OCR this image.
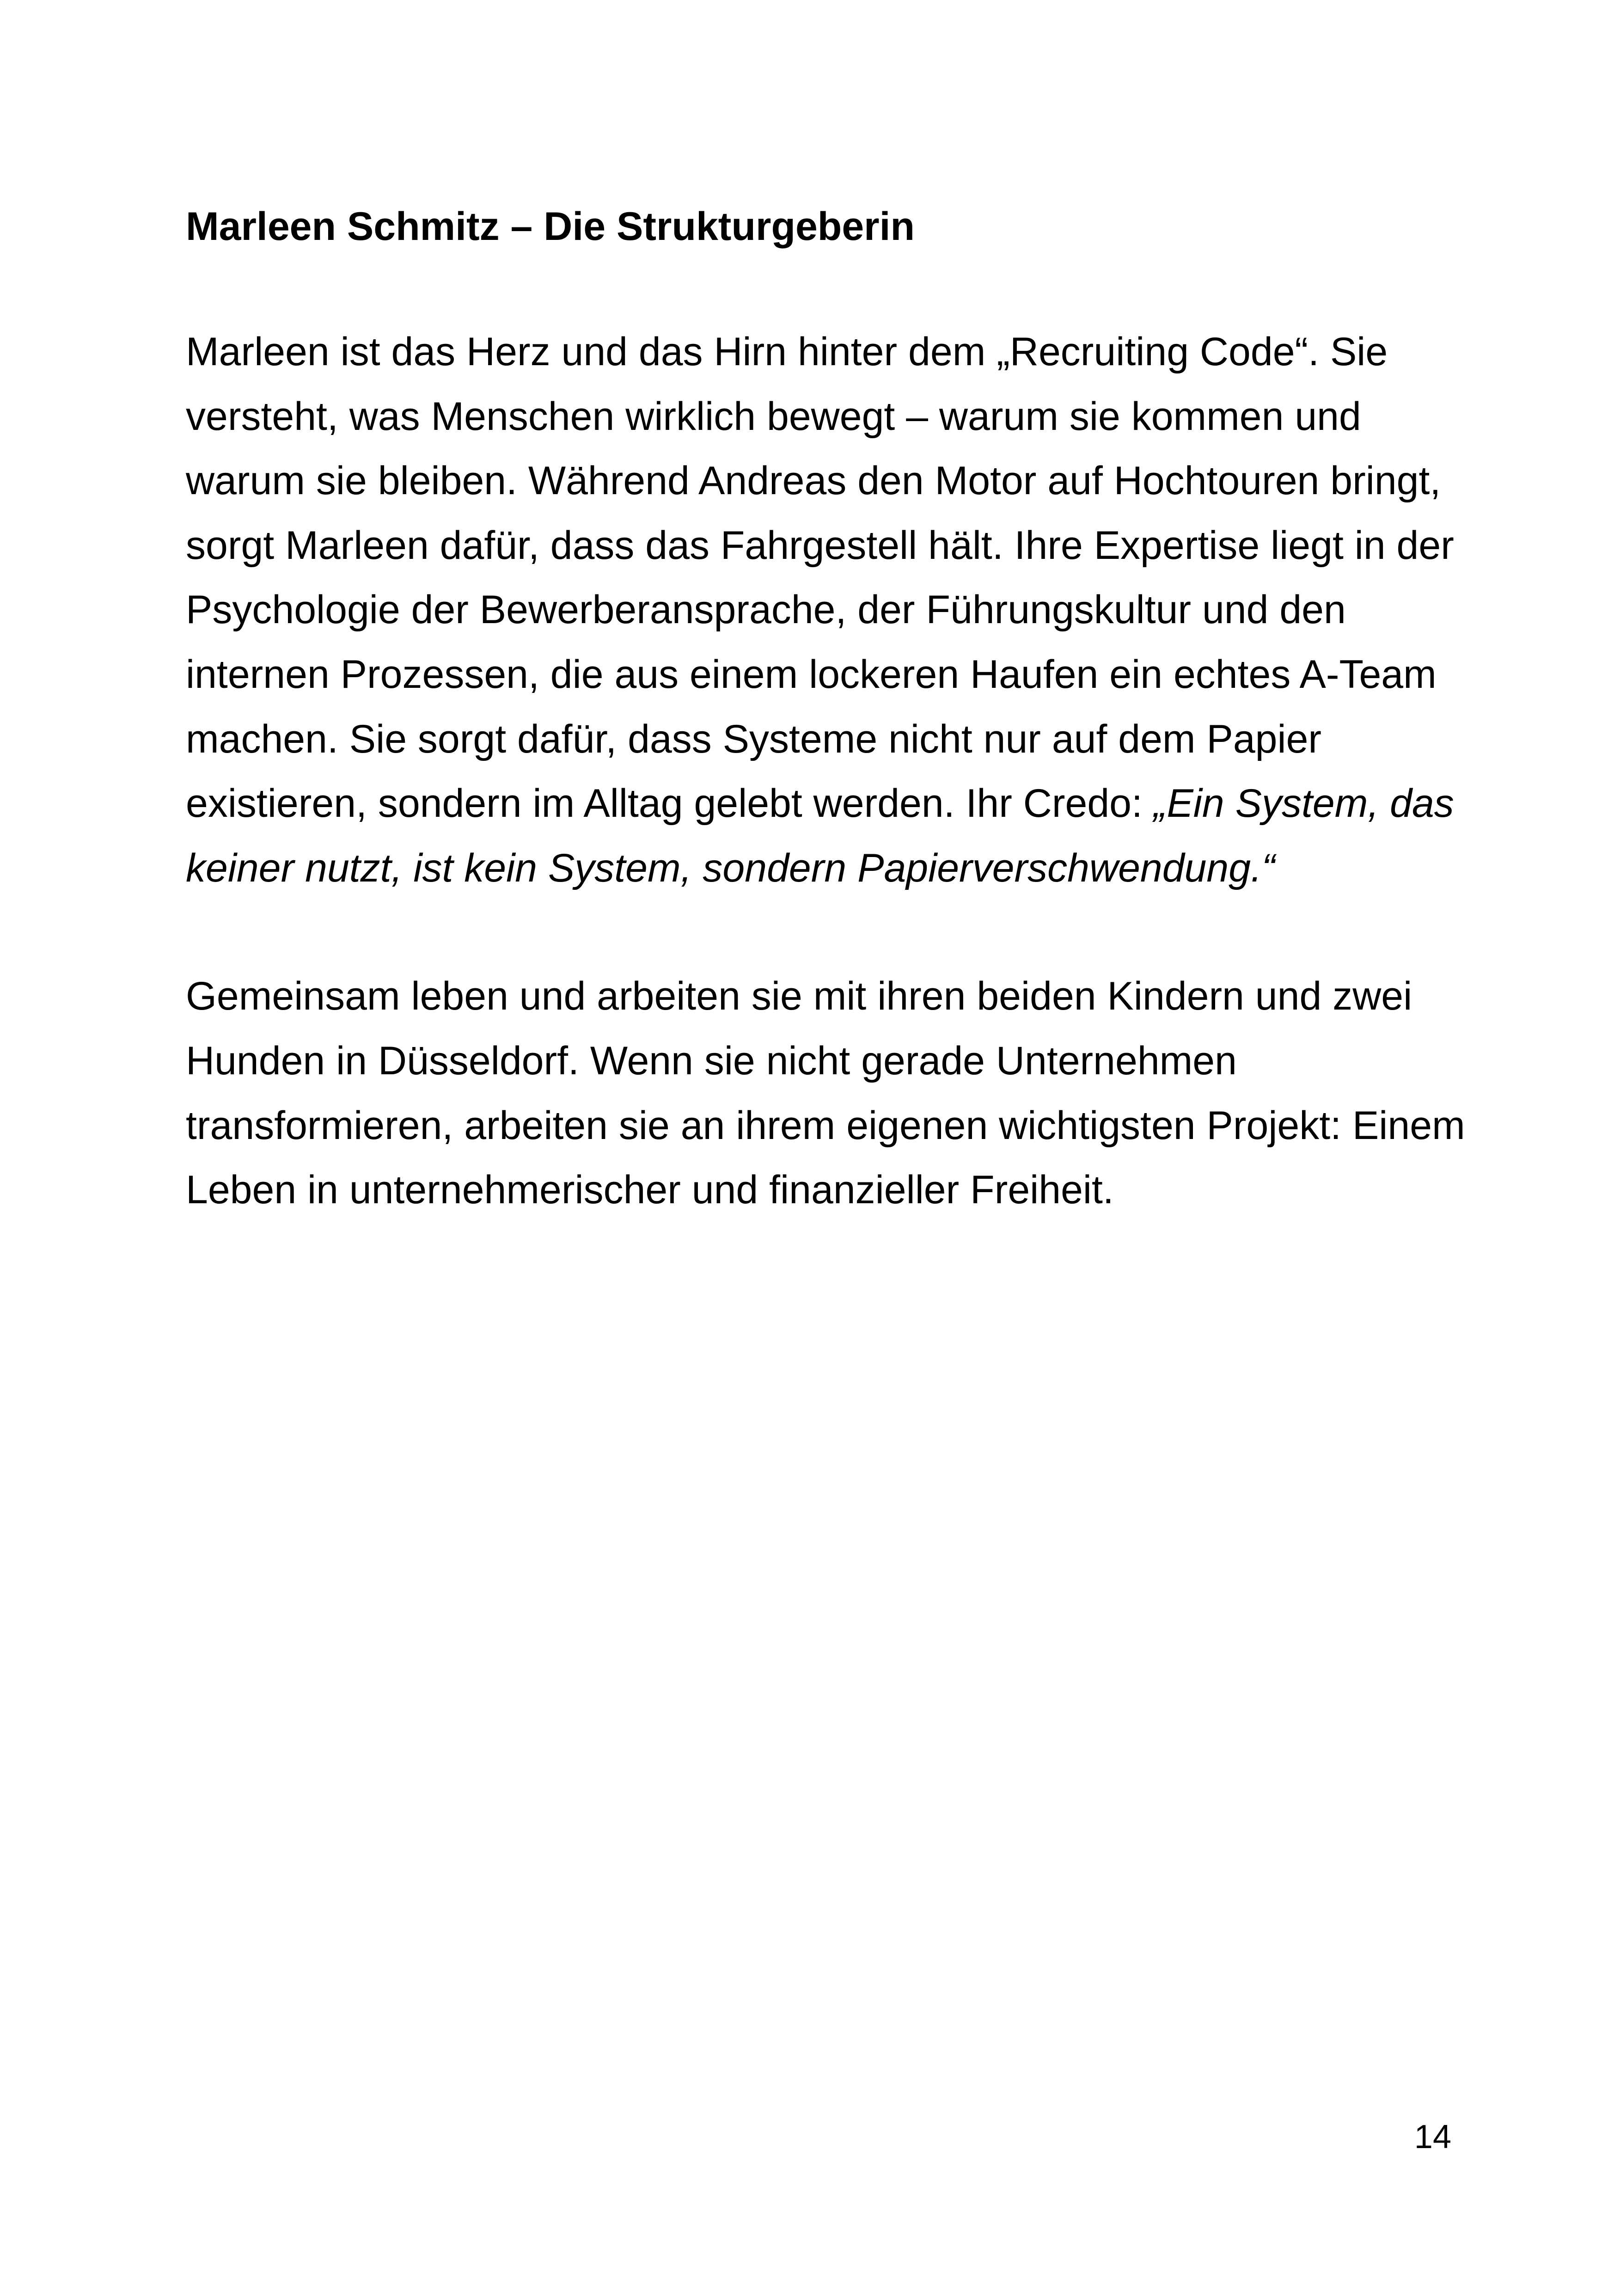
Marleen Schmitz – Die Strukturgeberin

Marleen ist das Herz und das Hirn hinter dem „Recruiting Code“. Sie versteht, was Menschen wirklich bewegt – warum sie kommen und warum sie bleiben. Während Andreas den Motor auf Hochtouren bringt, sorgt Marleen dafür, dass das Fahrgestell hält. Ihre Expertise liegt in der Psychologie der Bewerberansprache, der Führungskultur und den internen Prozessen, die aus einem lockeren Haufen ein echtes A-Team machen. Sie sorgt dafür, dass Systeme nicht nur auf dem Papier existieren, sondern im Alltag gelebt werden. Ihr Credo: „Ein System, das keiner nutzt, ist kein System, sondern Papierverschwendung.“

Gemeinsam leben und arbeiten sie mit ihren beiden Kindern und zwei Hunden in Düsseldorf. Wenn sie nicht gerade Unternehmen transformieren, arbeiten sie an ihrem eigenen wichtigsten Projekt: Einem Leben in unternehmerischer und finanzieller Freiheit.

14
